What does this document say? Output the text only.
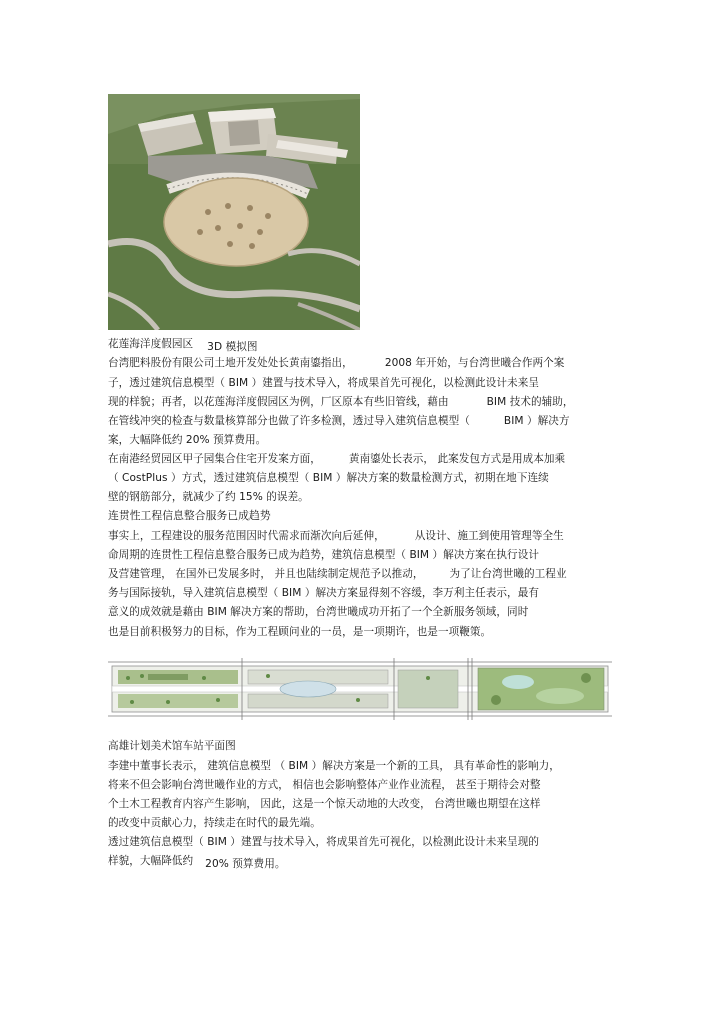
花莲海洋度假园区 3D 模拟图
台湾肥料股份有限公司土地开发处处长黄南鎏指出，	2008 年开始，与台湾世曦合作两个案
子，透过建筑信息模型（ BIM ）建置与技术导入，将成果首先可视化，以检测此设计未来呈
现的样貌；再者，以花莲海洋度假园区为例，厂区原本有些旧管线，藉由	BIM 技术的辅助，
在管线冲突的检查与数量核算部分也做了许多检测，透过导入建筑信息模型（	BIM ）解决方
案，大幅降低约 20% 预算费用。
在南港经贸园区甲子园集合住宅开发案方面，	黄南鎏处长表示， 此案发包方式是用成本加乘
（ CostPlus ）方式，透过建筑信息模型（ BIM ）解决方案的数量检测方式，初期在地下连续
壁的钢筋部分，就减少了约 15% 的误差。
连贯性工程信息整合服务已成趋势
事实上，工程建设的服务范围因时代需求而渐次向后延伸，	从设计、施工到使用管理等全生
命周期的连贯性工程信息整合服务已成为趋势，建筑信息模型（ BIM ）解决方案在执行设计
及营建管理， 在国外已发展多时， 并且也陆续制定规范予以推动， 为了让台湾世曦的工程业
务与国际接轨，导入建筑信息模型（ BIM ）解决方案显得刻不容缓，李万利主任表示，最有
意义的成效就是藉由 BIM 解决方案的帮助，台湾世曦成功开拓了一个全新服务领域，同时
也是目前积极努力的目标，作为工程顾问业的一员，是一项期许，也是一项鞭策。
高雄计划美术馆车站平面图
李建中董事长表示， 建筑信息模型 （ BIM ）解决方案是一个新的工具， 具有革命性的影响力，
将来不但会影响台湾世曦作业的方式， 相信也会影响整体产业作业流程， 甚至于期待会对整
个土木工程教育内容产生影响， 因此，这是一个惊天动地的大改变， 台湾世曦也期望在这样
的改变中贡献心力，持续走在时代的最先端。
透过建筑信息模型（ BIM ）建置与技术导入，将成果首先可视化，以检测此设计未来呈现的
样貌，大幅降低约 20% 预算费用。
